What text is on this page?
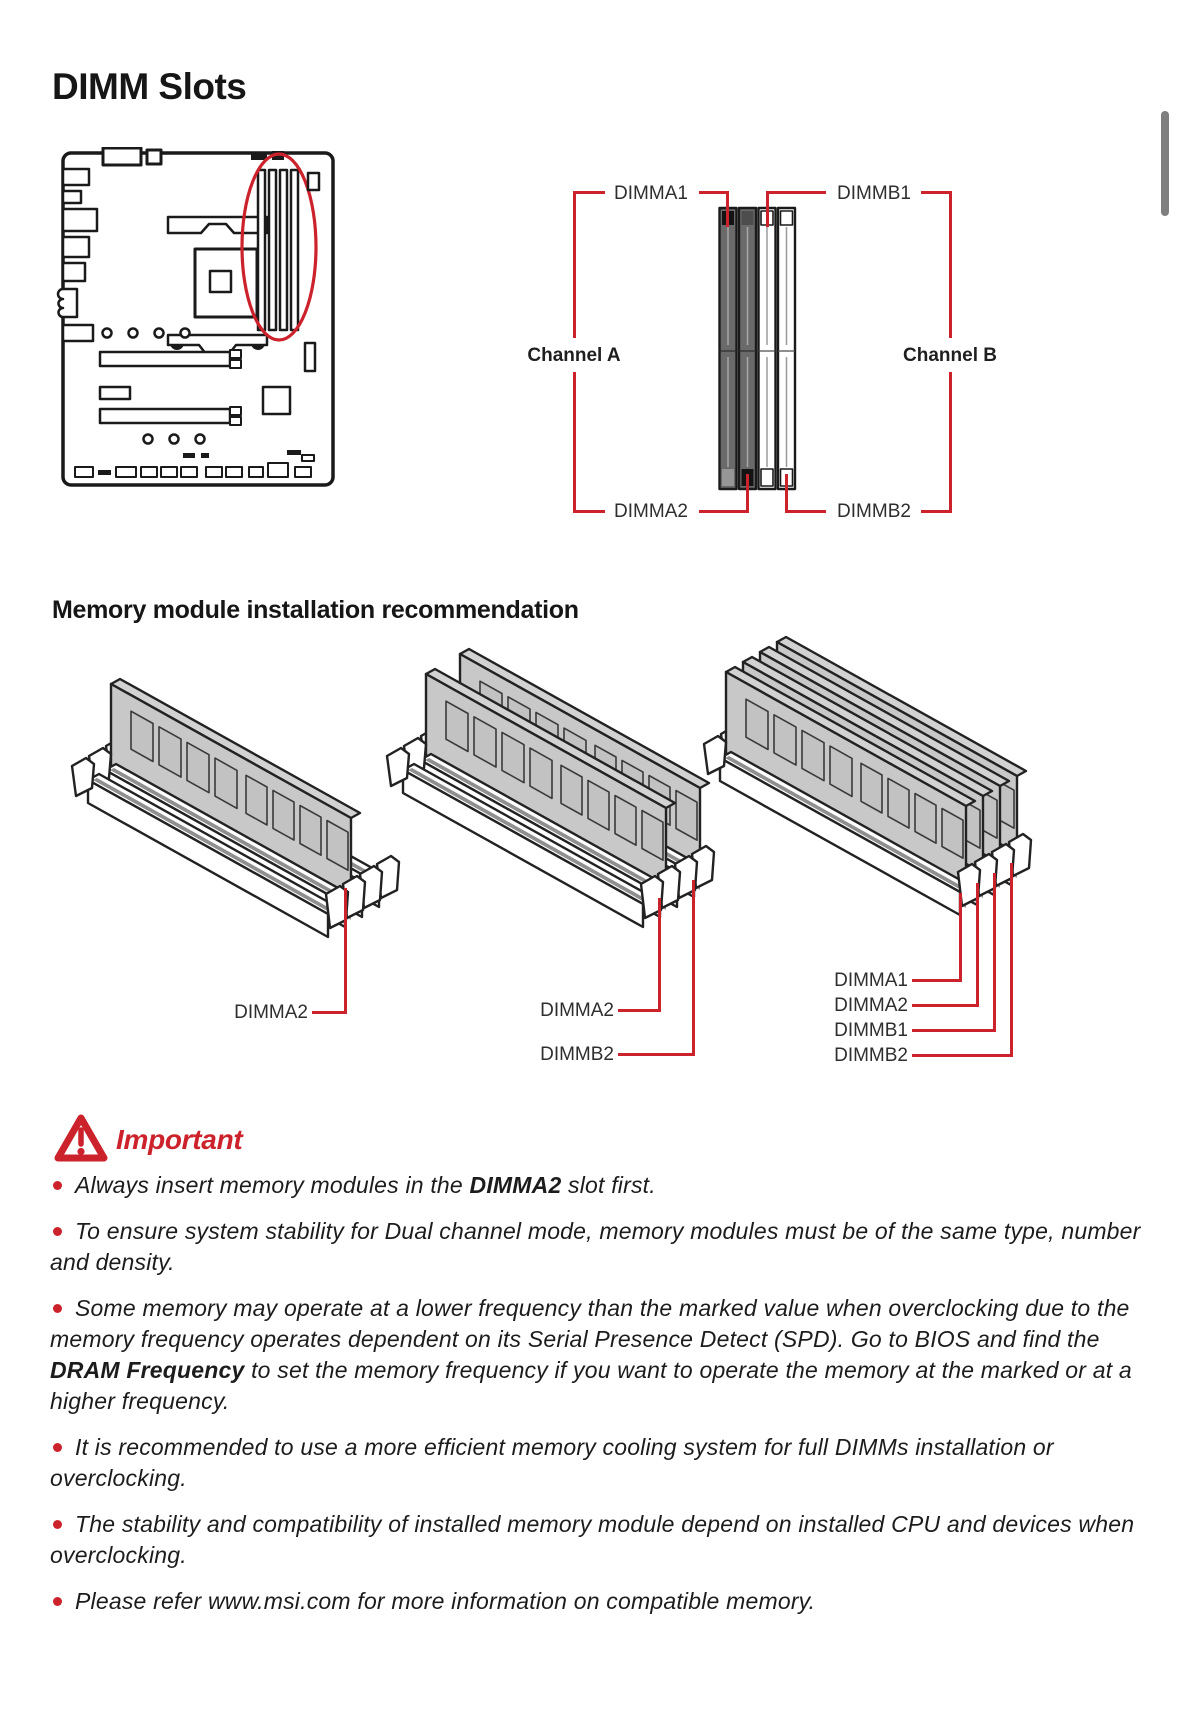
DIMM Slots
DIMMA1	DIMMB1
DIMMA2	DIMMB2
Channel A	Channel B
Memory module installation recommendation
DIMMA2	DIMMA2
DIMMB2
DIMMA1
DIMMA2
DIMMB1
DIMMB2
Important
Always insert memory modules in the DIMMA2 slot first.
To ensure system stability for Dual channel mode, memory modules must be of the same type, number and density.
Some memory may operate at a lower frequency than the marked value when overclocking due to the memory frequency operates dependent on its Serial Presence Detect (SPD). Go to BIOS and find the DRAM Frequency to set the memory frequency if you want to operate the memory at the marked or at a higher frequency.
It is recommended to use a more efficient memory cooling system for full DIMMs installation or overclocking.
The stability and compatibility of installed memory module depend on installed CPU and devices when overclocking.
Please refer www.msi.com for more information on compatible memory.
